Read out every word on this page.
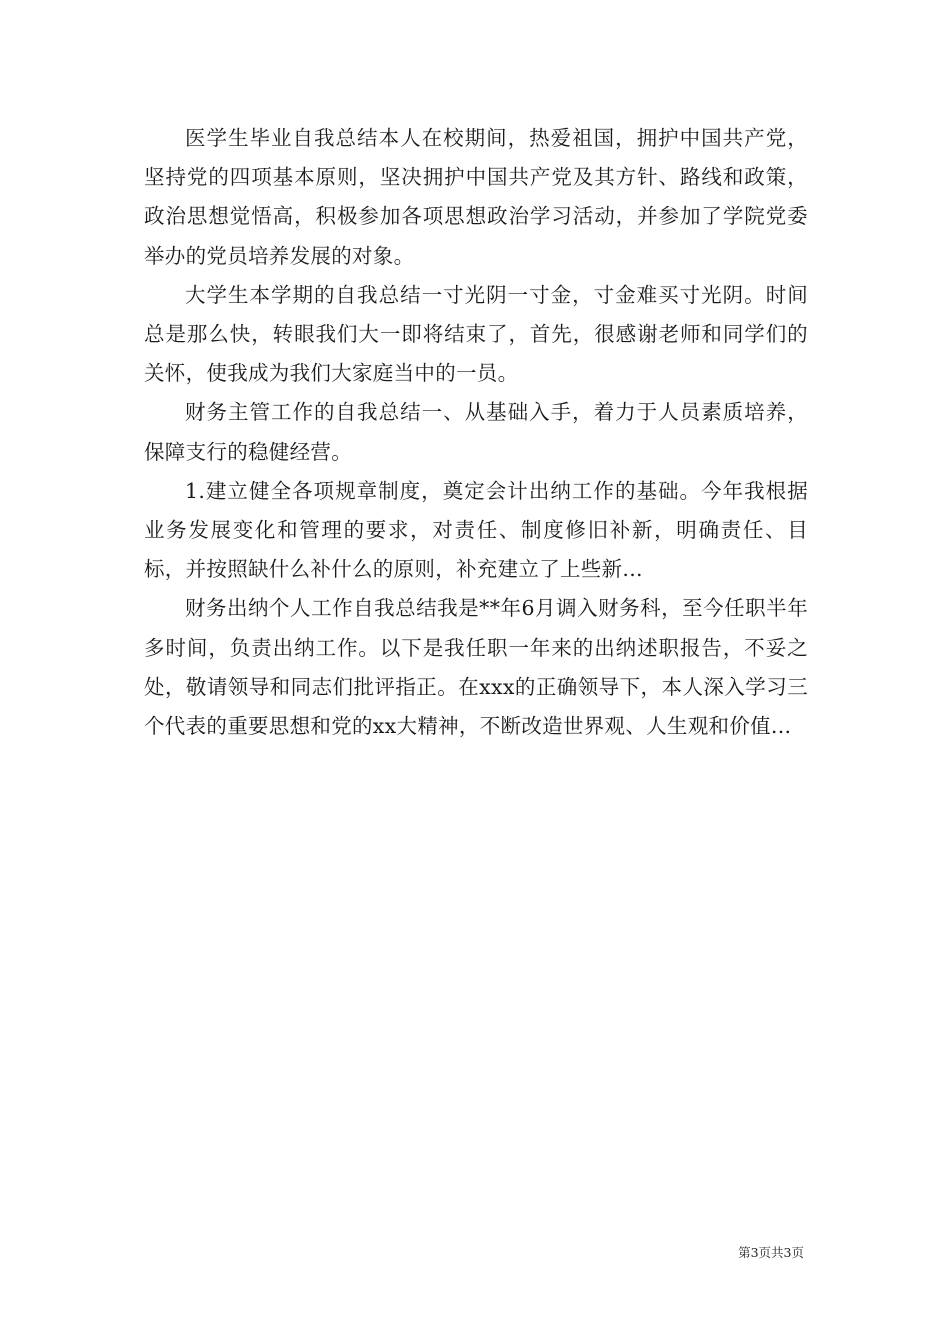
医学生毕业自我总结本人在校期间，热爱祖国，拥护中国共产党，坚持党的四项基本原则，坚决拥护中国共产党及其方针、路线和政策，政治思想觉悟高，积极参加各项思想政治学习活动，并参加了学院党委举办的党员培养发展的对象。

大学生本学期的自我总结一寸光阴一寸金，寸金难买寸光阴。时间总是那么快，转眼我们大一即将结束了，首先，很感谢老师和同学们的关怀，使我成为我们大家庭当中的一员。

财务主管工作的自我总结一、从基础入手，着力于人员素质培养，保障支行的稳健经营。

1.建立健全各项规章制度，奠定会计出纳工作的基础。今年我根据业务发展变化和管理的要求，对责任、制度修旧补新，明确责任、目标，并按照缺什么补什么的原则，补充建立了上些新...

财务出纳个人工作自我总结我是**年6月调入财务科，至今任职半年多时间，负责出纳工作。以下是我任职一年来的出纳述职报告，不妥之处，敬请领导和同志们批评指正。在xxx的正确领导下，本人深入学习三个代表的重要思想和党的xx大精神，不断改造世界观、人生观和价值...

第3页共3页
